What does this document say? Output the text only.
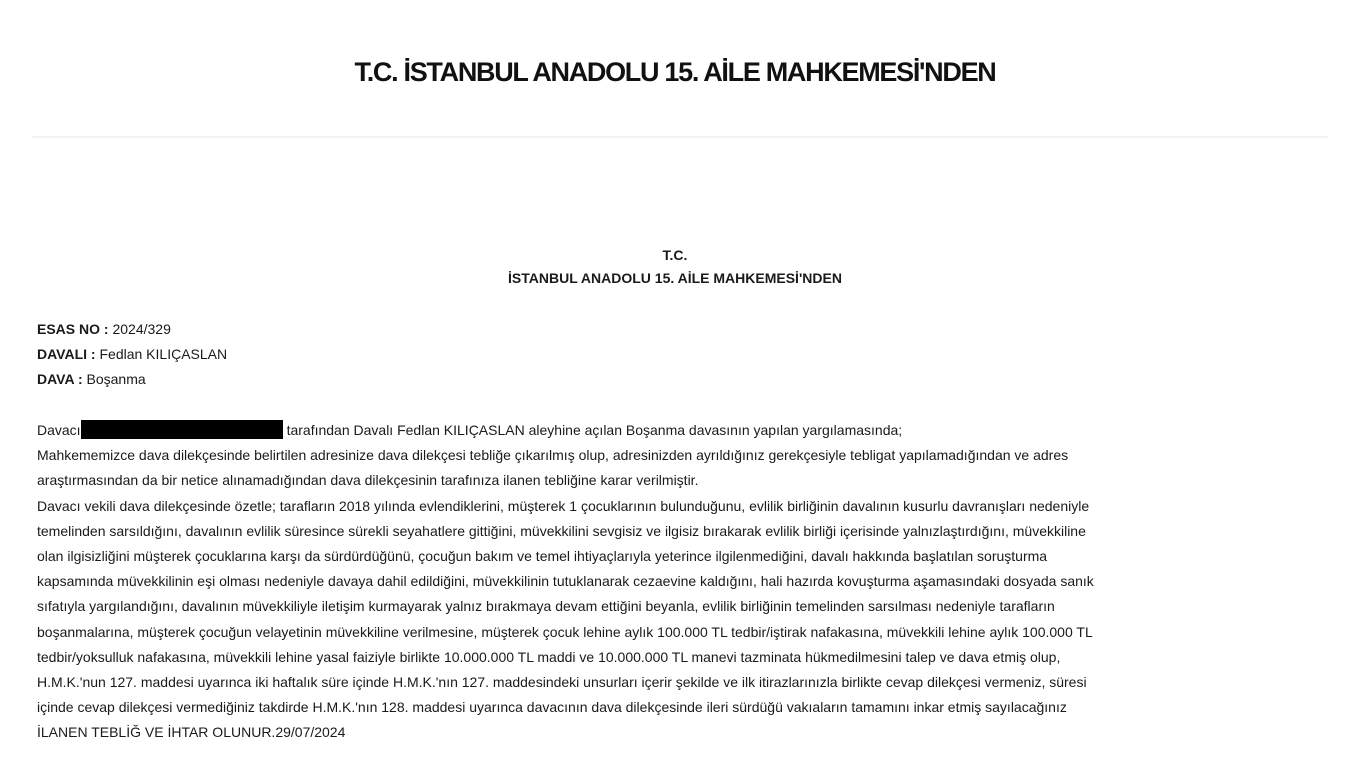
T.C. İSTANBUL ANADOLU 15. AİLE MAHKEMESİ'NDEN
T.C.
İSTANBUL ANADOLU 15. AİLE MAHKEMESİ'NDEN
ESAS NO : 2024/329
DAVALI : Fedlan KILIÇASLAN
DAVA : Boşanma
Davacı	tarafından Davalı Fedlan KILIÇASLAN aleyhine açılan Boşanma davasının yapılan yargılamasında;
Mahkememizce dava dilekçesinde belirtilen adresinize dava dilekçesi tebliğe çıkarılmış olup, adresinizden ayrıldığınız gerekçesiyle tebligat yapılamadığından ve adres
araştırmasından da bir netice alınamadığından dava dilekçesinin tarafınıza ilanen tebliğine karar verilmiştir.
Davacı vekili dava dilekçesinde özetle; tarafların 2018 yılında evlendiklerini, müşterek 1 çocuklarının bulunduğunu, evlilik birliğinin davalının kusurlu davranışları nedeniyle
temelinden sarsıldığını, davalının evlilik süresince sürekli seyahatlere gittiğini, müvekkilini sevgisiz ve ilgisiz bırakarak evlilik birliği içerisinde yalnızlaştırdığını, müvekkiline
olan ilgisizliğini müşterek çocuklarına karşı da sürdürdüğünü, çocuğun bakım ve temel ihtiyaçlarıyla yeterince ilgilenmediğini, davalı hakkında başlatılan soruşturma
kapsamında müvekkilinin eşi olması nedeniyle davaya dahil edildiğini, müvekkilinin tutuklanarak cezaevine kaldığını, hali hazırda kovuşturma aşamasındaki dosyada sanık
sıfatıyla yargılandığını, davalının müvekkiliyle iletişim kurmayarak yalnız bırakmaya devam ettiğini beyanla, evlilik birliğinin temelinden sarsılması nedeniyle tarafların
boşanmalarına, müşterek çocuğun velayetinin müvekkiline verilmesine, müşterek çocuk lehine aylık 100.000 TL tedbir/iştirak nafakasına, müvekkili lehine aylık 100.000 TL
tedbir/yoksulluk nafakasına, müvekkili lehine yasal faiziyle birlikte 10.000.000 TL maddi ve 10.000.000 TL manevi tazminata hükmedilmesini talep ve dava etmiş olup,
H.M.K.'nun 127. maddesi uyarınca iki haftalık süre içinde H.M.K.'nın 127. maddesindeki unsurları içerir şekilde ve ilk itirazlarınızla birlikte cevap dilekçesi vermeniz, süresi
içinde cevap dilekçesi vermediğiniz takdirde H.M.K.'nın 128. maddesi uyarınca davacının dava dilekçesinde ileri sürdüğü vakıaların tamamını inkar etmiş sayılacağınız
İLANEN TEBLİĞ VE İHTAR OLUNUR.29/07/2024
